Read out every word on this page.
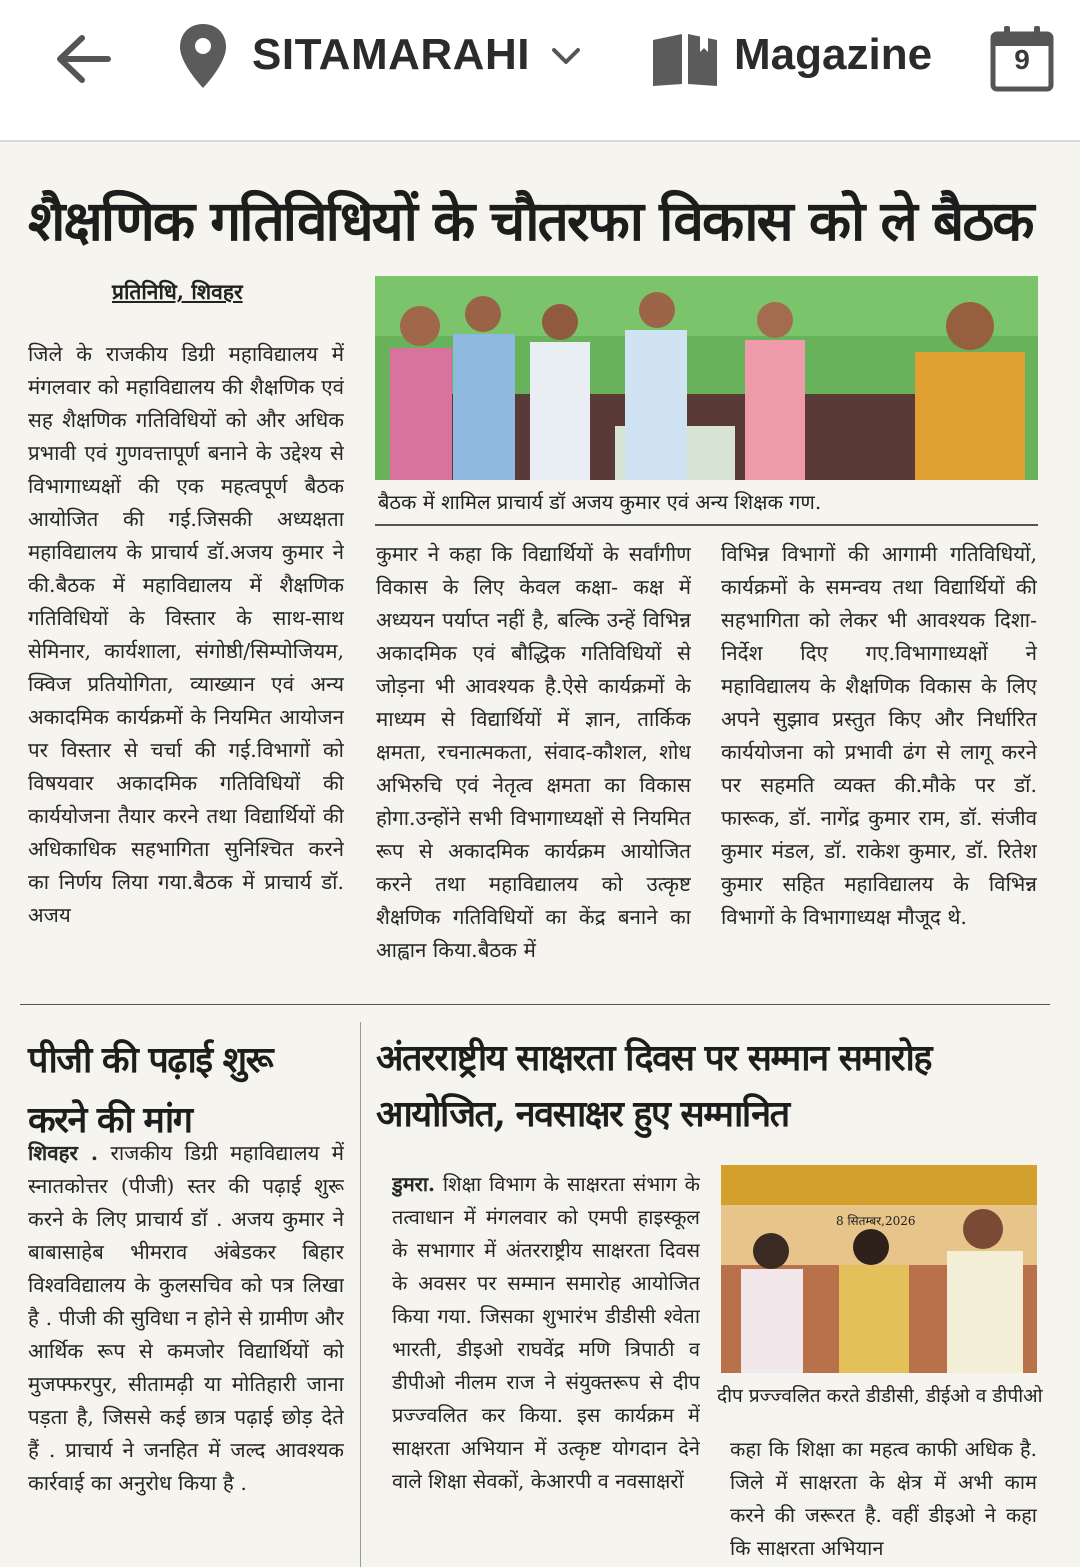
SITAMARAHI	Magazine	9
शैक्षणिक गतिविधियों के चौतरफा विकास को ले बैठक
प्रतिनिधि, शिवहर
बैठक में शामिल प्राचार्य डॉ अजय कुमार एवं अन्य शिक्षक गण.
जिले के राजकीय डिग्री महाविद्यालय में मंगलवार को महाविद्यालय की शैक्षणिक एवं सह शैक्षणिक गतिविधियों को और अधिक प्रभावी एवं गुणवत्तापूर्ण बनाने के उद्देश्य से विभागाध्यक्षों की एक महत्वपूर्ण बैठक आयोजित की गई.जिसकी अध्यक्षता महाविद्यालय के प्राचार्य डॉ.अजय कुमार ने की.बैठक में महाविद्यालय में शैक्षणिक गतिविधियों के विस्तार के साथ-साथ सेमिनार, कार्यशाला, संगोष्ठी/सिम्पोजियम, क्विज प्रतियोगिता, व्याख्यान एवं अन्य अकादमिक कार्यक्रमों के नियमित आयोजन पर विस्तार से चर्चा की गई.विभागों को विषयवार अकादमिक गतिविधियों की कार्ययोजना तैयार करने तथा विद्यार्थियों की अधिकाधिक सहभागिता सुनिश्चित करने का निर्णय लिया गया.बैठक में प्राचार्य डॉ. अजय
कुमार ने कहा कि विद्यार्थियों के सर्वांगीण विकास के लिए केवल कक्षा- कक्ष में अध्ययन पर्याप्त नहीं है, बल्कि उन्हें विभिन्न अकादमिक एवं बौद्धिक गतिविधियों से जोड़ना भी आवश्यक है.ऐसे कार्यक्रमों के माध्यम से विद्यार्थियों में ज्ञान, तार्किक क्षमता, रचनात्मकता, संवाद-कौशल, शोध अभिरुचि एवं नेतृत्व क्षमता का विकास होगा.उन्होंने सभी विभागाध्यक्षों से नियमित रूप से अकादमिक कार्यक्रम आयोजित करने तथा महाविद्यालय को उत्कृष्ट शैक्षणिक गतिविधियों का केंद्र बनाने का आह्वान किया.बैठक में
विभिन्न विभागों की आगामी गतिविधियों, कार्यक्रमों के समन्वय तथा विद्यार्थियों की सहभागिता को लेकर भी आवश्यक दिशा-निर्देश दिए गए.विभागाध्यक्षों ने महाविद्यालय के शैक्षणिक विकास के लिए अपने सुझाव प्रस्तुत किए और निर्धारित कार्ययोजना को प्रभावी ढंग से लागू करने पर सहमति व्यक्त की.मौके पर डॉ. फारूक, डॉ. नागेंद्र कुमार राम, डॉ. संजीव कुमार मंडल, डॉ. राकेश कुमार, डॉ. रितेश कुमार सहित महाविद्यालय के विभिन्न विभागों के विभागाध्यक्ष मौजूद थे.
पीजी की पढ़ाई शुरू
करने की मांग
शिवहर . राजकीय डिग्री महाविद्यालय में स्नातकोत्तर (पीजी) स्तर की पढ़ाई शुरू करने के लिए प्राचार्य डॉ . अजय कुमार ने बाबासाहेब भीमराव अंबेडकर बिहार विश्वविद्यालय के कुलसचिव को पत्र लिखा है . पीजी की सुविधा न होने से ग्रामीण और आर्थिक रूप से कमजोर विद्यार्थियों को मुजफ्फरपुर, सीतामढ़ी या मोतिहारी जाना पड़ता है, जिससे कई छात्र पढ़ाई छोड़ देते हैं . प्राचार्य ने जनहित में जल्द आवश्यक कार्रवाई का अनुरोध किया है .
अंतरराष्ट्रीय साक्षरता दिवस पर सम्मान समारोह
आयोजित, नवसाक्षर हुए सम्मानित
डुमरा. शिक्षा विभाग के साक्षरता संभाग के तत्वाधान में मंगलवार को एमपी हाइस्कूल के सभागार में अंतरराष्ट्रीय साक्षरता दिवस के अवसर पर सम्मान समारोह आयोजित किया गया. जिसका शुभारंभ डीडीसी श्वेता भारती, डीइओ राघवेंद्र मणि त्रिपाठी व डीपीओ नीलम राज ने संयुक्तरूप से दीप प्रज्ज्वलित कर किया. इस कार्यक्रम में साक्षरता अभियान में उत्कृष्ट योगदान देने वाले शिक्षा सेवकों, केआरपी व नवसाक्षरों
8 सितम्बर,2026
दीप प्रज्ज्वलित करते डीडीसी, डीईओ व डीपीओ
कहा कि शिक्षा का महत्व काफी अधिक है. जिले में साक्षरता के क्षेत्र में अभी काम करने की जरूरत है. वहीं डीइओ ने कहा कि साक्षरता अभियान
